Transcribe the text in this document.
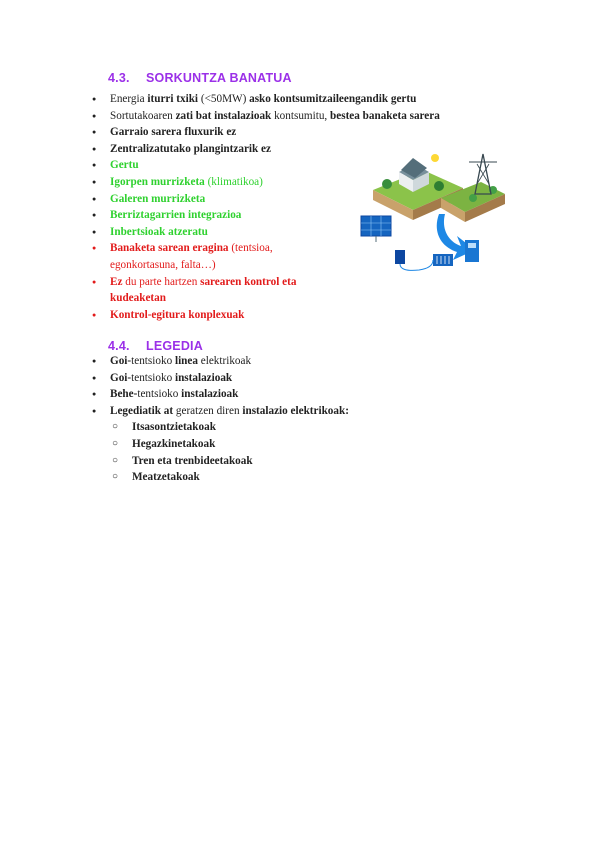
4.3. SORKUNTZA BANATUA
● Energia iturri txiki (<50MW) asko kontsumitzaileengandik gertu
● Sortutakoaren zati bat instalazioak kontsumitu, bestea banaketa sarera
● Garraio sarera fluxurik ez
● Zentralizatutako plangintzarik ez
● Gertu
● Igorpen murrizketa (klimatikoa)
● Galeren murrizketa
● Berriztagarrien integrazioa
● Inbertsioak atzeratu
● Banaketa sarean eragina (tentsioa, egonkortasuna, falta…)
● Ez du parte hartzen sarearen kontrol eta kudeaketan
● Kontrol-egitura konplexuak
4.4. LEGEDIA
● Goi-tentsioko linea elektrikoak
● Goi-tentsioko instalazioak
● Behe-tentsioko instalazioak
● Legediatik at geratzen diren instalazio elektrikoak:
○ Itsasontzietakoak
○ Hegazkinetakoak
○ Tren eta trenbideetakoak
○ Meatzetakoak
